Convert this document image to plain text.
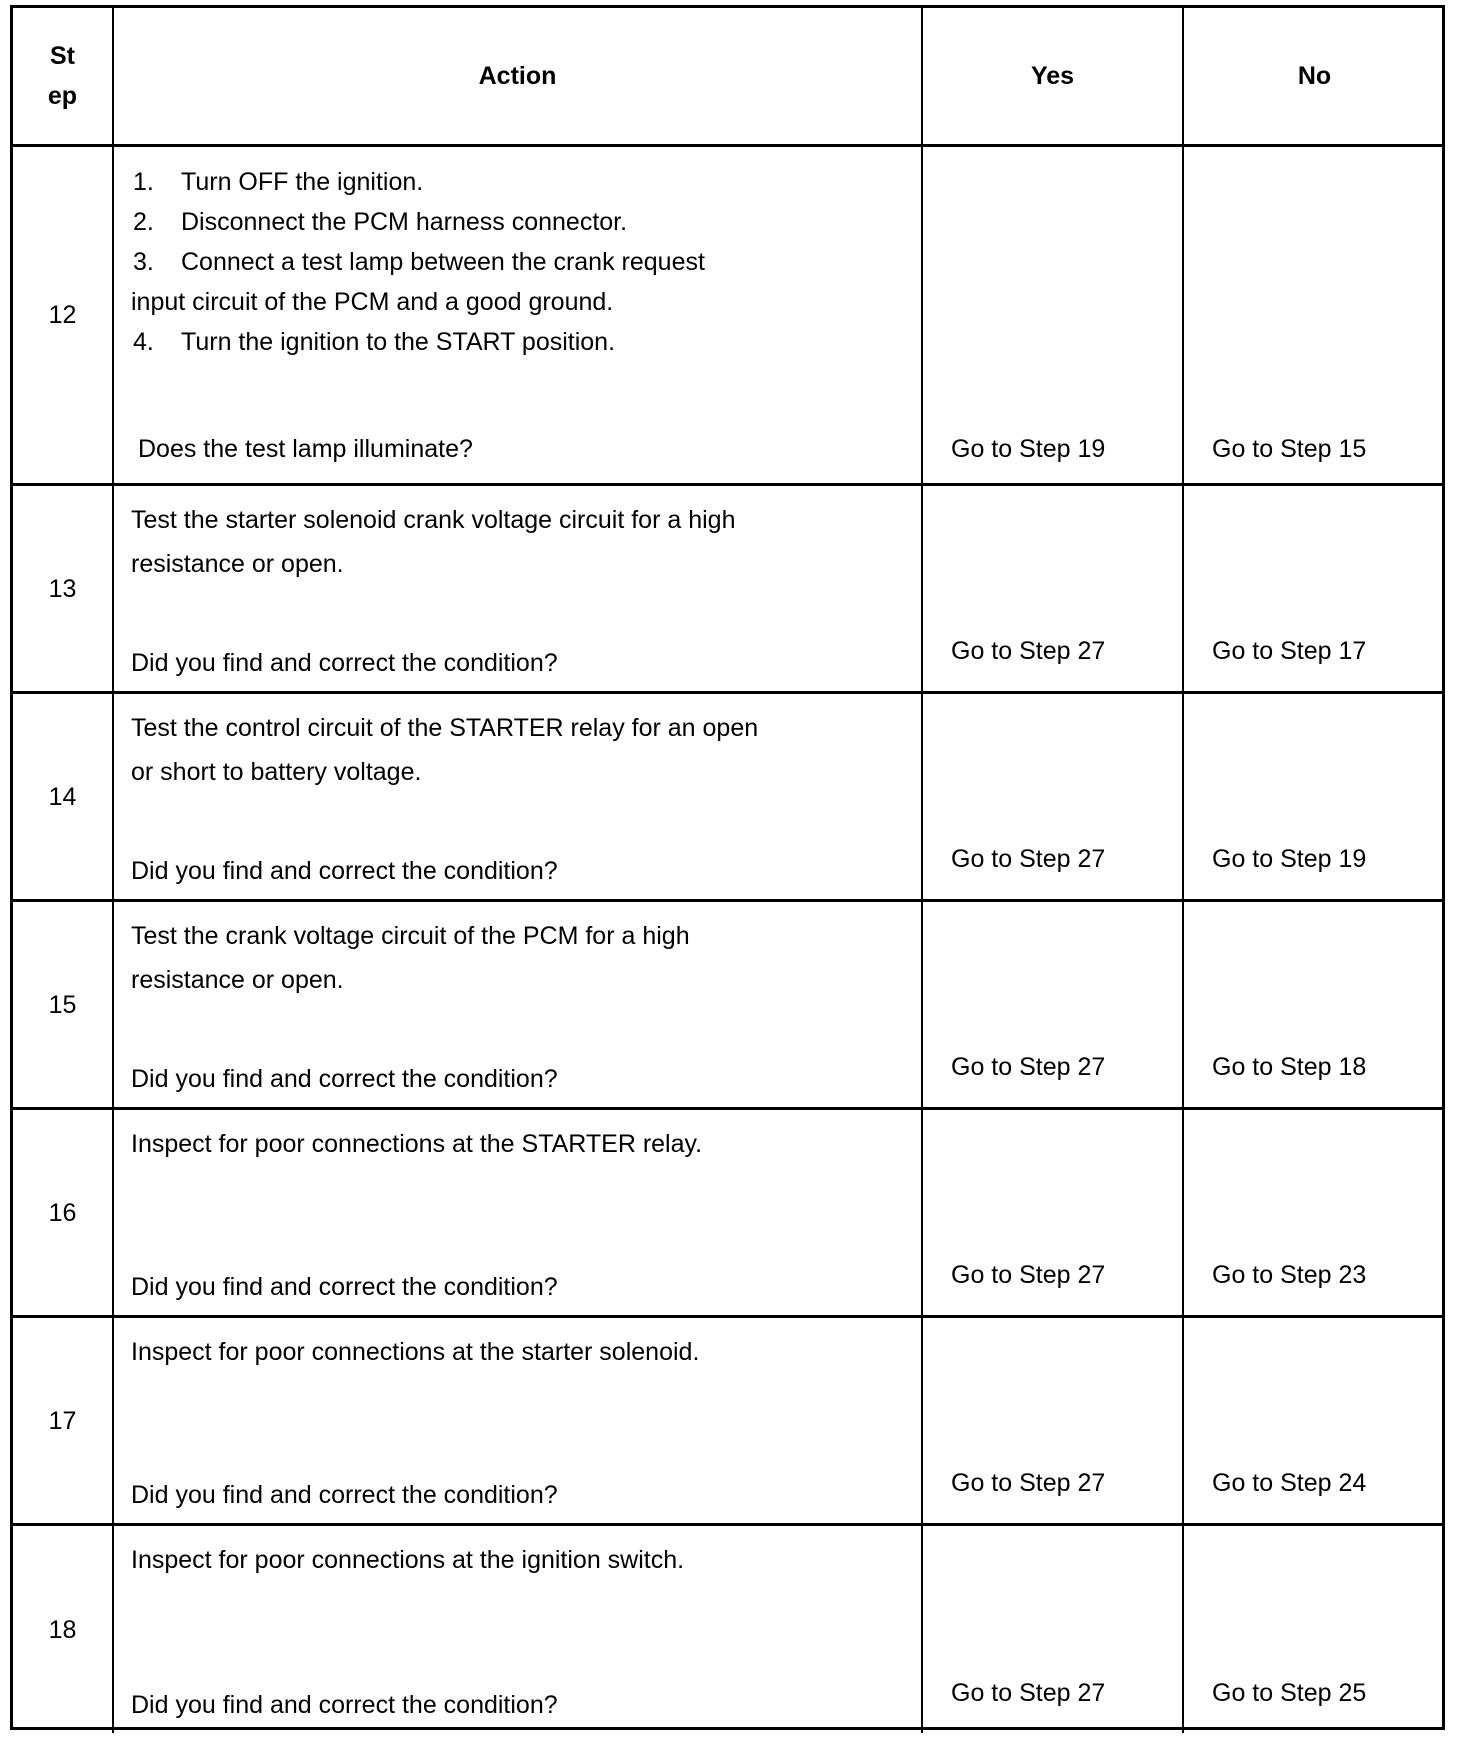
St
ep
Action	Yes	No
12
1. Turn OFF the ignition.
2. Disconnect the PCM harness connector.
3. Connect a test lamp between the crank request
input circuit of the PCM and a good ground.
4. Turn the ignition to the START position.
Does the test lamp illuminate?	Go to Step 19	Go to Step 15
13
Test the starter solenoid crank voltage circuit for a high
resistance or open.
Did you find and correct the condition?	Go to Step 27	Go to Step 17
14
Test the control circuit of the STARTER relay for an open
or short to battery voltage.
Did you find and correct the condition?	Go to Step 27	Go to Step 19
15
Test the crank voltage circuit of the PCM for a high
resistance or open.
Did you find and correct the condition?	Go to Step 27	Go to Step 18
16
Inspect for poor connections at the STARTER relay.
Did you find and correct the condition?	Go to Step 27	Go to Step 23
17
Inspect for poor connections at the starter solenoid.
Did you find and correct the condition?	Go to Step 27	Go to Step 24
18
Inspect for poor connections at the ignition switch.
Did you find and correct the condition?	Go to Step 27	Go to Step 25
